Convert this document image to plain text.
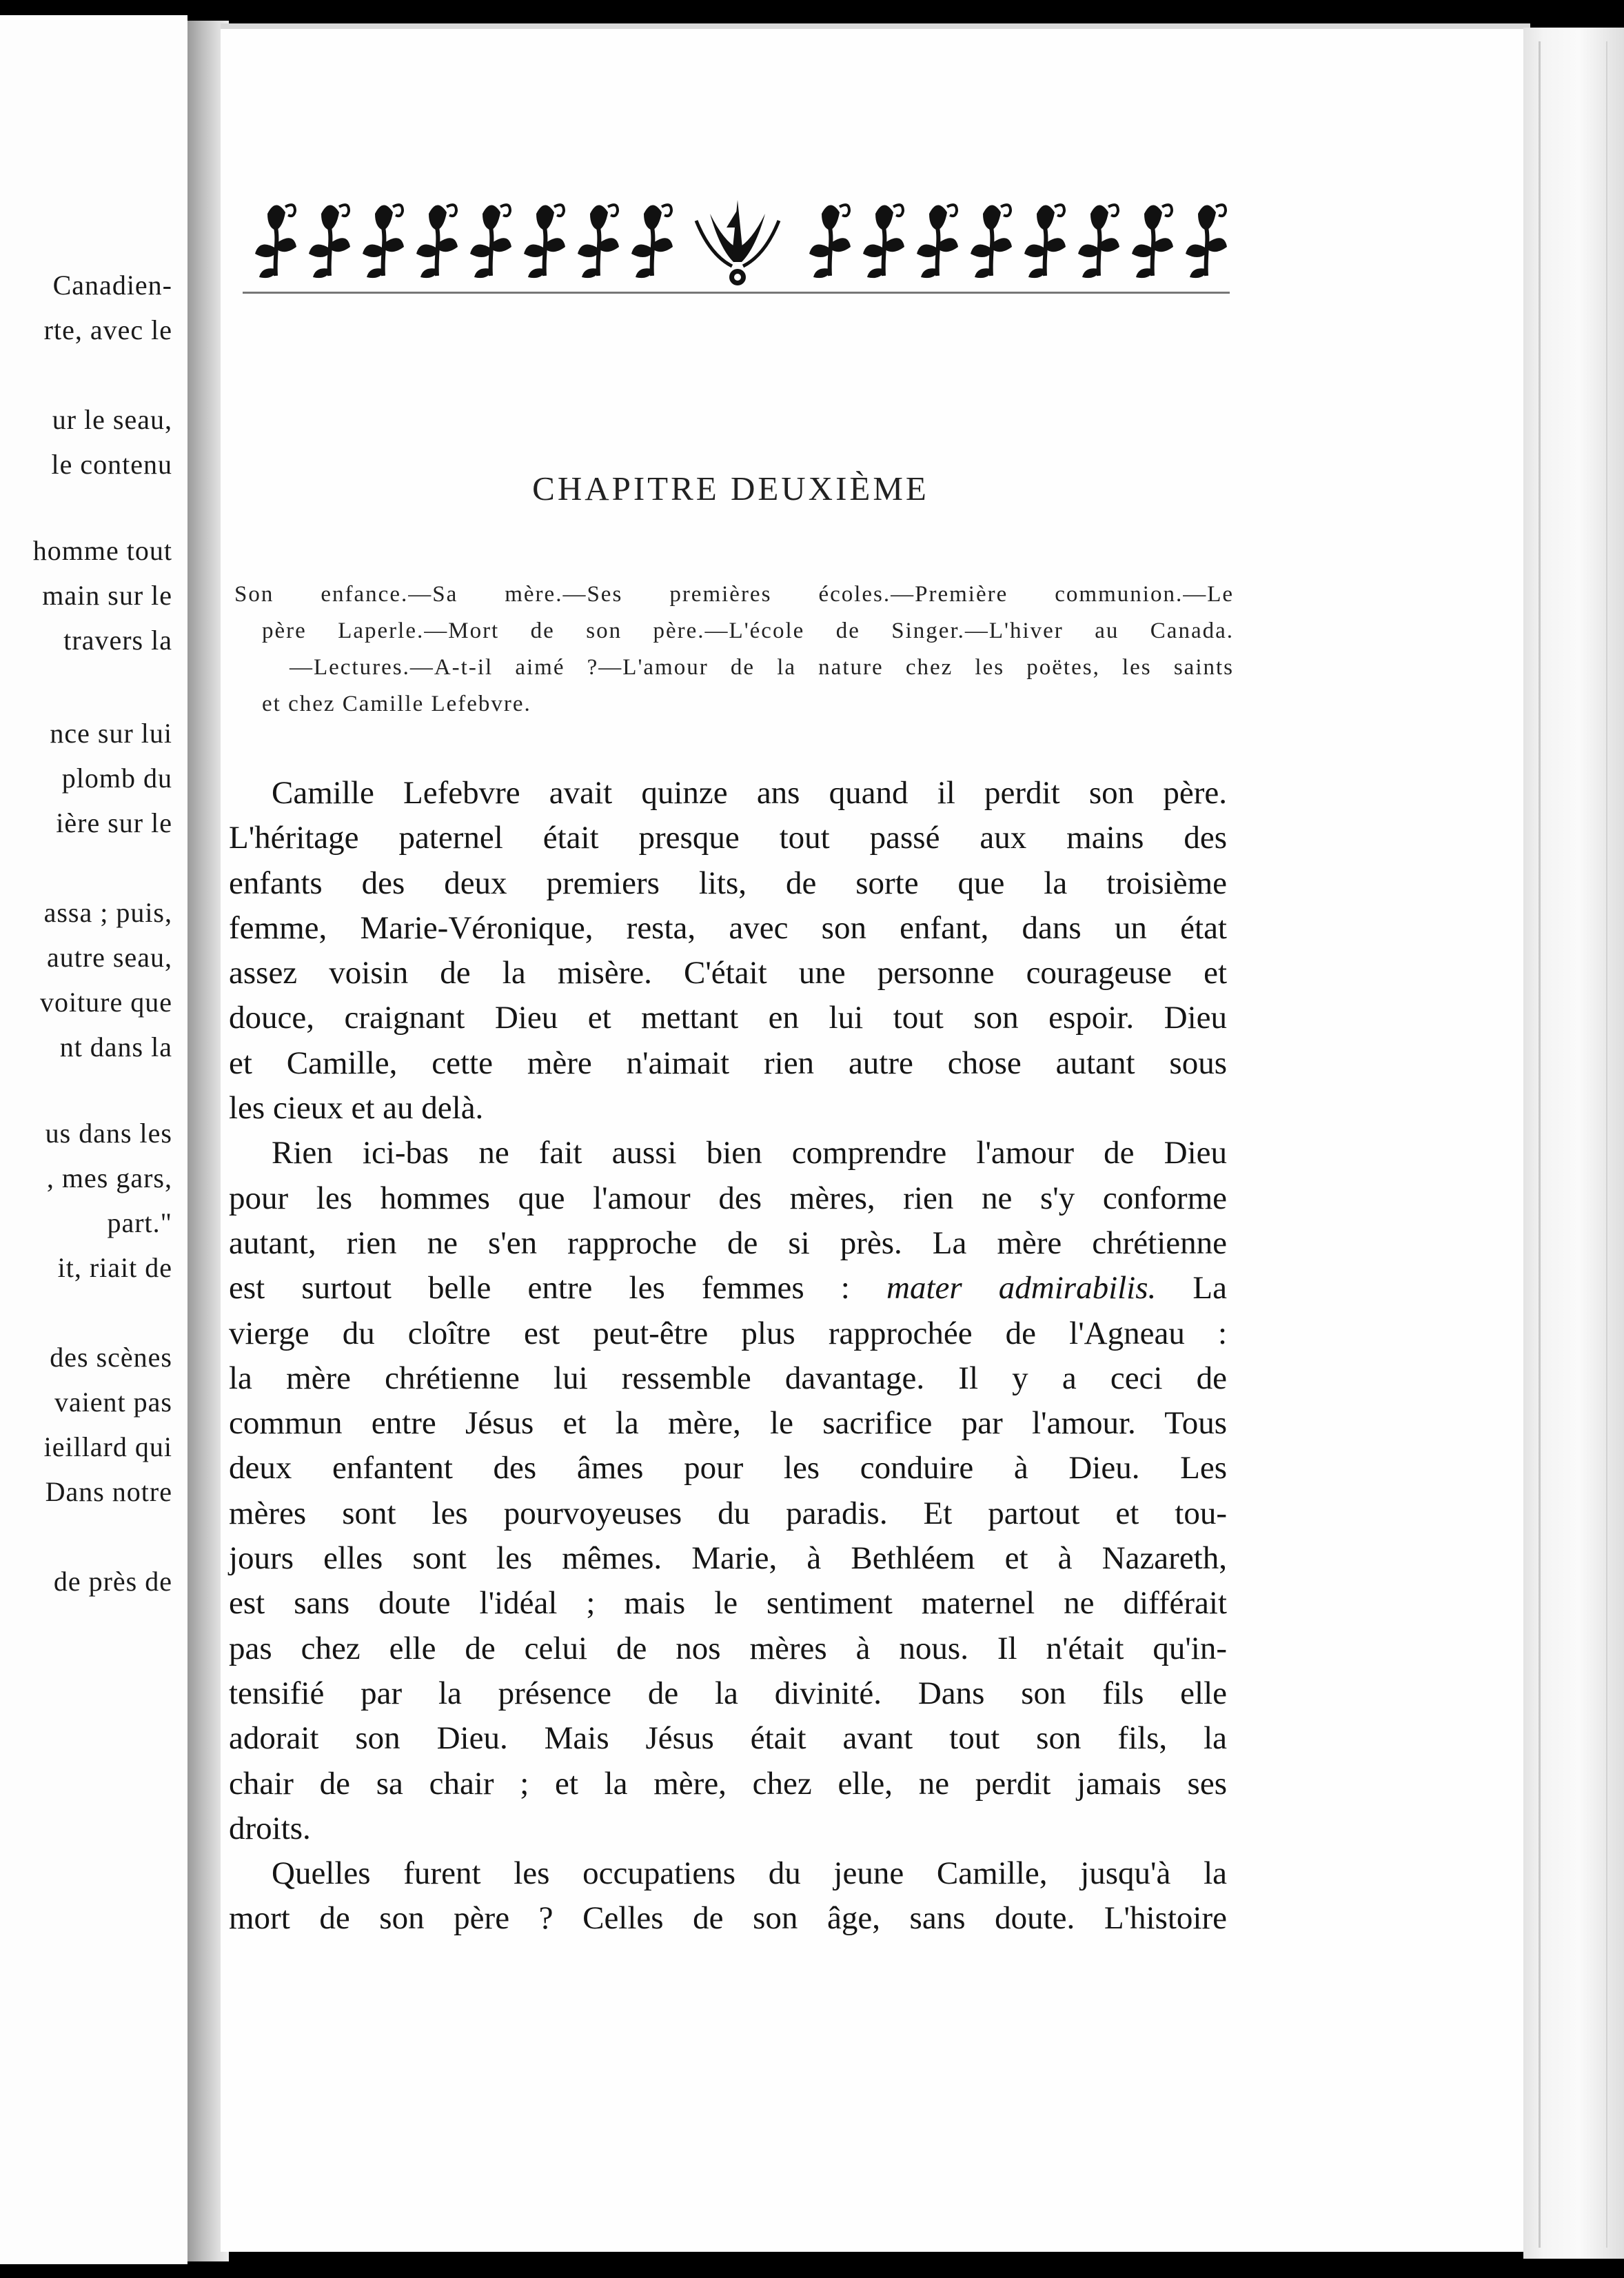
Canadien-
rte, avec le
ur le seau,
le contenu
homme tout
main sur le
travers la
nce sur lui
plomb du
ière sur le
assa ; puis,
autre seau,
voiture que
nt dans la
us dans les
, mes gars,
part."
it, riait de
des scènes
vaient pas
ieillard qui
Dans notre
de près de
CHAPITRE DEUXIÈME
Son enfance.—Sa mère.—Ses premières écoles.—Première communion.—Le
père Laperle.—Mort de son père.—L'école de Singer.—L'hiver au Canada.
—Lectures.—A-t-il aimé ?—L'amour de la nature chez les poëtes, les saints
et chez Camille Lefebvre.
Camille Lefebvre avait quinze ans quand il perdit son père.
L'héritage paternel était presque tout passé aux mains des
enfants des deux premiers lits, de sorte que la troisième
femme, Marie-Véronique, resta, avec son enfant, dans un état
assez voisin de la misère. C'était une personne courageuse et
douce, craignant Dieu et mettant en lui tout son espoir. Dieu
et Camille, cette mère n'aimait rien autre chose autant sous
les cieux et au delà.
Rien ici-bas ne fait aussi bien comprendre l'amour de Dieu
pour les hommes que l'amour des mères, rien ne s'y conforme
autant, rien ne s'en rapproche de si près. La mère chrétienne
est surtout belle entre les femmes : mater admirabilis. La
vierge du cloître est peut-être plus rapprochée de l'Agneau :
la mère chrétienne lui ressemble davantage. Il y a ceci de
commun entre Jésus et la mère, le sacrifice par l'amour. Tous
deux enfantent des âmes pour les conduire à Dieu. Les
mères sont les pourvoyeuses du paradis. Et partout et tou-
jours elles sont les mêmes. Marie, à Bethléem et à Nazareth,
est sans doute l'idéal ; mais le sentiment maternel ne différait
pas chez elle de celui de nos mères à nous. Il n'était qu'in-
tensifié par la présence de la divinité. Dans son fils elle
adorait son Dieu. Mais Jésus était avant tout son fils, la
chair de sa chair ; et la mère, chez elle, ne perdit jamais ses
droits.
Quelles furent les occupatiens du jeune Camille, jusqu'à la
mort de son père ? Celles de son âge, sans doute. L'histoire
